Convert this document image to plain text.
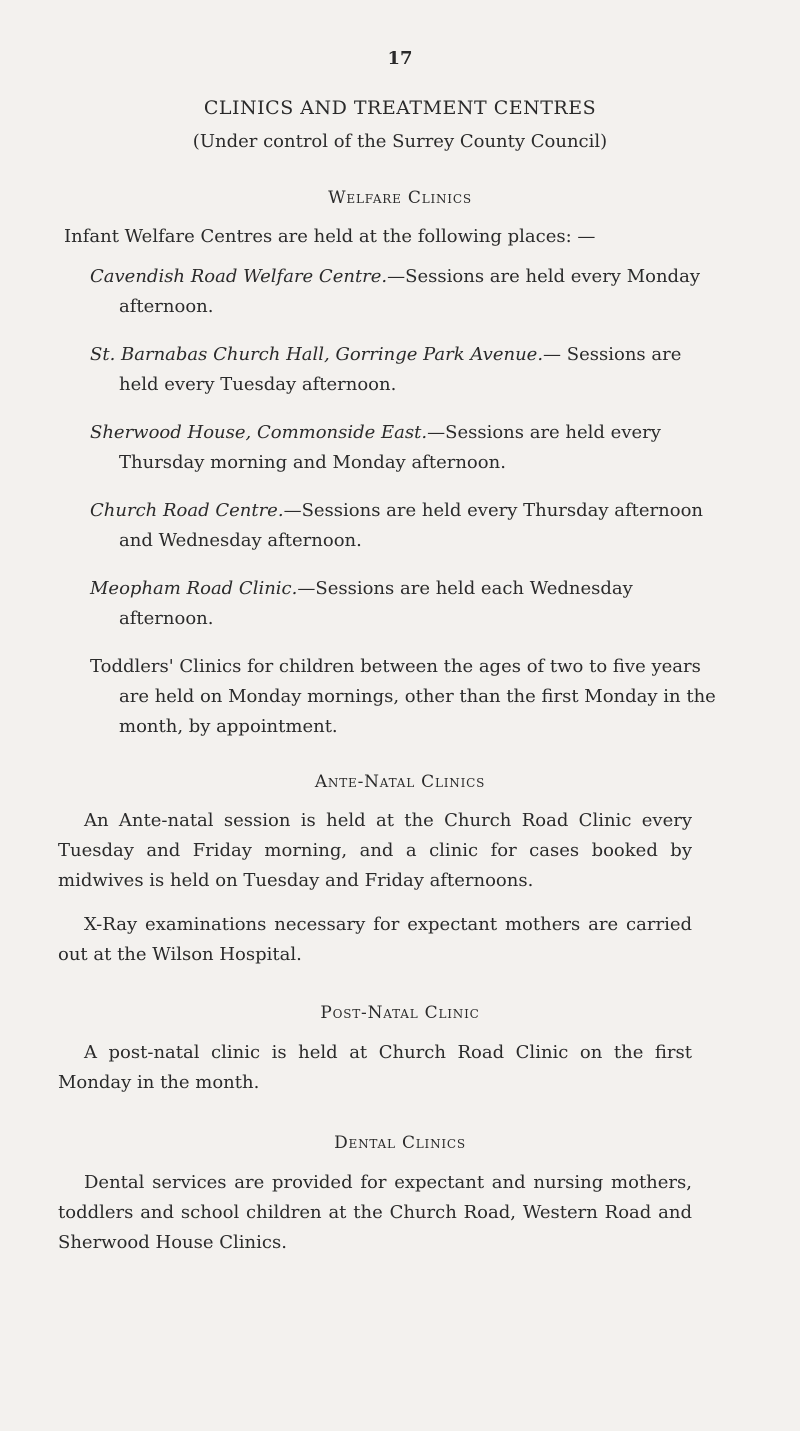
17
CLINICS AND TREATMENT CENTRES
(Under control of the Surrey County Council)
Welfare Clinics
Infant Welfare Centres are held at the following places: —
Cavendish Road Welfare Centre.—Sessions are held every Monday afternoon.
St. Barnabas Church Hall, Gorringe Park Avenue.— Sessions are held every Tuesday afternoon.
Sherwood House, Commonside East.—Sessions are held every Thursday morning and Monday afternoon.
Church Road Centre.—Sessions are held every Thursday afternoon and Wednesday afternoon.
Meopham Road Clinic.—Sessions are held each Wednesday afternoon.
Toddlers' Clinics for children between the ages of two to five years are held on Monday mornings, other than the first Monday in the month, by appointment.
Ante-Natal Clinics
An Ante-natal session is held at the Church Road Clinic every Tuesday and Friday morning, and a clinic for cases booked by midwives is held on Tuesday and Friday afternoons.
X-Ray examinations necessary for expectant mothers are carried out at the Wilson Hospital.
Post-Natal Clinic
A post-natal clinic is held at Church Road Clinic on the first Monday in the month.
Dental Clinics
Dental services are provided for expectant and nursing mothers, toddlers and school children at the Church Road, Western Road and Sherwood House Clinics.
